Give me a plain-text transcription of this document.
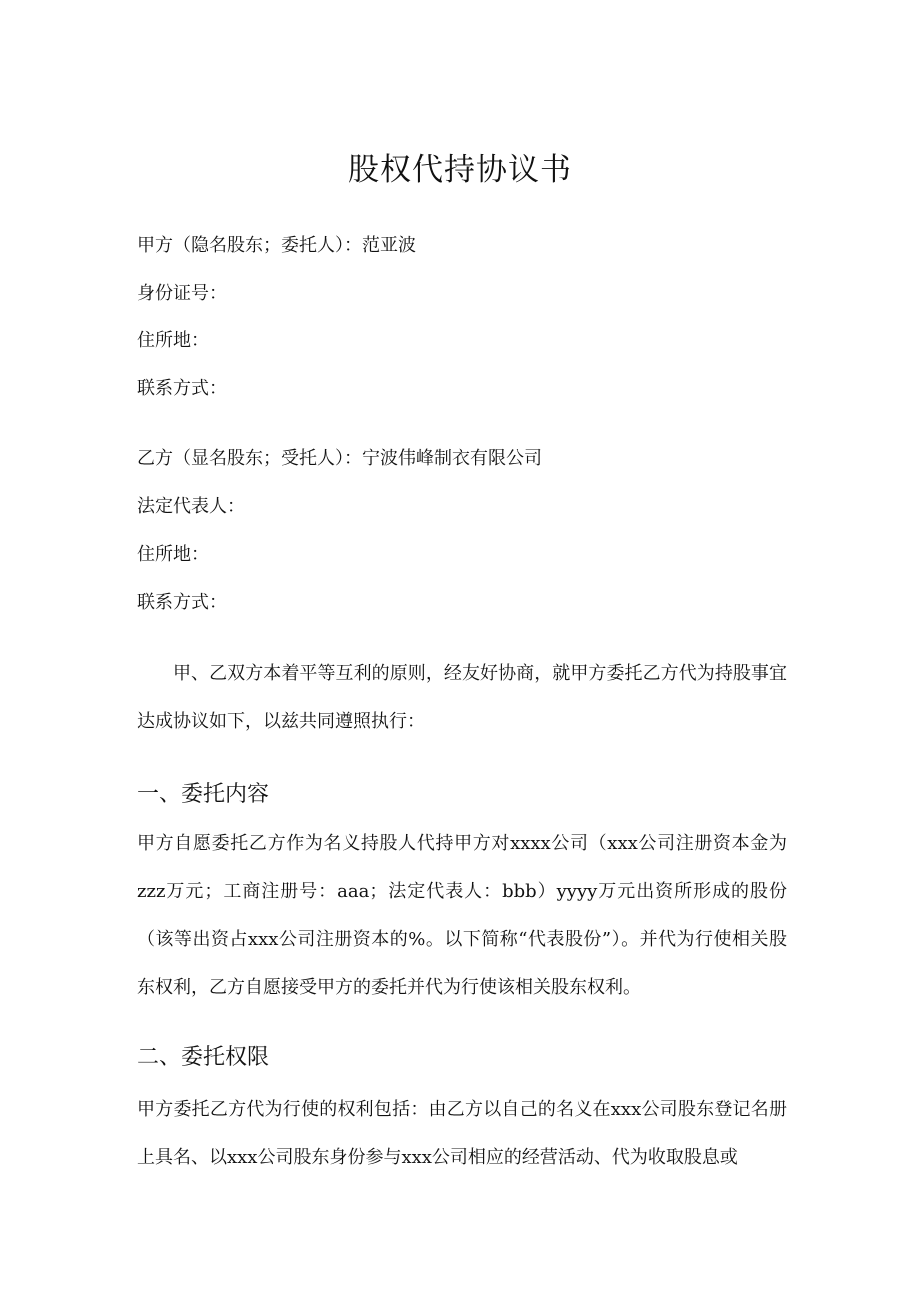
股权代持协议书
甲方（隐名股东；委托人）：范亚波
身份证号：
住所地：
联系方式：
乙方（显名股东；受托人）：宁波伟峰制衣有限公司
法定代表人：
住所地：
联系方式：
甲、乙双方本着平等互利的原则，经友好协商，就甲方委托乙方代为持股事宜达成协议如下，以兹共同遵照执行：
一、委托内容
甲方自愿委托乙方作为名义持股人代持甲方对xxxx公司（xxx公司注册资本金为zzz万元；工商注册号：aaa；法定代表人：bbb）yyyy万元出资所形成的股份（该等出资占xxx公司注册资本的%。以下简称“代表股份”）。并代为行使相关股东权利，乙方自愿接受甲方的委托并代为行使该相关股东权利。
二、委托权限
甲方委托乙方代为行使的权利包括：由乙方以自己的名义在xxx公司股东登记名册上具名、以xxx公司股东身份参与xxx公司相应的经营活动、代为收取股息或
